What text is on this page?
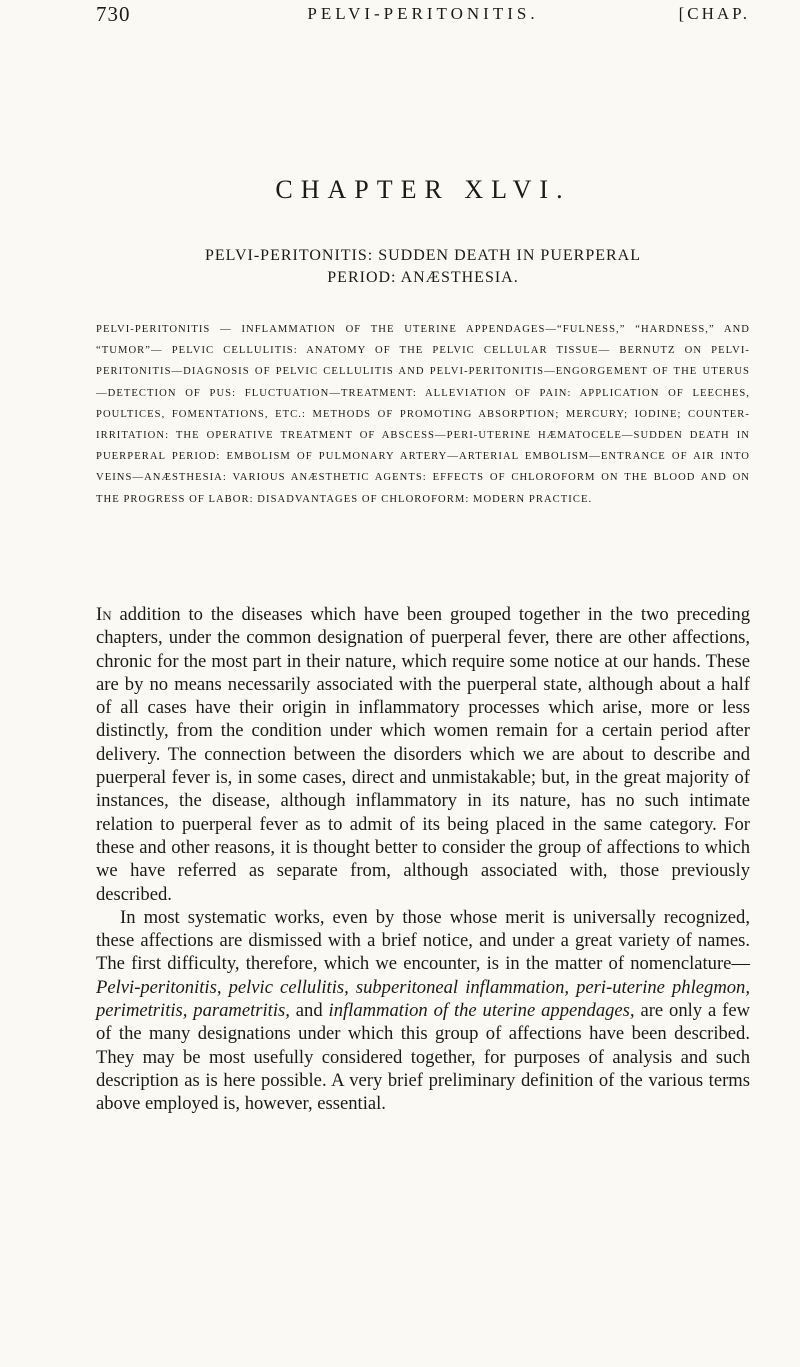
730	PELVI-PERITONITIS.	[CHAP.
CHAPTER XLVI.
PELVI-PERITONITIS: SUDDEN DEATH IN PUERPERAL
PERIOD: ANÆSTHESIA.
PELVI-PERITONITIS — INFLAMMATION OF THE UTERINE APPENDAGES—“FULNESS,” “HARDNESS,” AND “TUMOR”— PELVIC CELLULITIS: ANATOMY OF THE PELVIC CELLULAR TISSUE— BERNUTZ ON PELVI-PERITONITIS—DIAGNOSIS OF PELVIC CELLULITIS AND PELVI-PERITONITIS—ENGORGEMENT OF THE UTERUS —DETECTION OF PUS: FLUCTUATION—TREATMENT: ALLEVIATION OF PAIN: APPLICATION OF LEECHES, POULTICES, FOMENTATIONS, ETC.: METHODS OF PROMOTING ABSORPTION; MERCURY; IODINE; COUNTER-IRRITATION: THE OPERATIVE TREATMENT OF ABSCESS—PERI-UTERINE HÆMATOCELE—SUDDEN DEATH IN PUERPERAL PERIOD: EMBOLISM OF PULMONARY ARTERY—ARTERIAL EMBOLISM—ENTRANCE OF AIR INTO VEINS—ANÆSTHESIA: VARIOUS ANÆSTHETIC AGENTS: EFFECTS OF CHLOROFORM ON THE BLOOD AND ON THE PROGRESS OF LABOR: DISADVANTAGES OF CHLOROFORM: MODERN PRACTICE.

In addition to the diseases which have been grouped together in the two preceding chapters, under the common designation of puerperal fever, there are other affections, chronic for the most part in their nature, which require some notice at our hands. These are by no means necessarily associated with the puerperal state, although about a half of all cases have their origin in inflammatory processes which arise, more or less distinctly, from the condition under which women remain for a certain period after delivery. The connection between the disorders which we are about to describe and puerperal fever is, in some cases, direct and unmistakable; but, in the great majority of instances, the disease, although inflammatory in its nature, has no such intimate relation to puerperal fever as to admit of its being placed in the same category. For these and other reasons, it is thought better to consider the group of affections to which we have referred as separate from, although associated with, those previously described.

In most systematic works, even by those whose merit is universally recognized, these affections are dismissed with a brief notice, and under a great variety of names. The first difficulty, therefore, which we encounter, is in the matter of nomenclature—Pelvi-peritonitis, pelvic cellulitis, subperitoneal inflammation, peri-uterine phlegmon, perimetritis, parametritis, and inflammation of the uterine appendages, are only a few of the many designations under which this group of affections have been described. They may be most usefully considered together, for purposes of analysis and such description as is here possible. A very brief preliminary definition of the various terms above employed is, however, essential.
